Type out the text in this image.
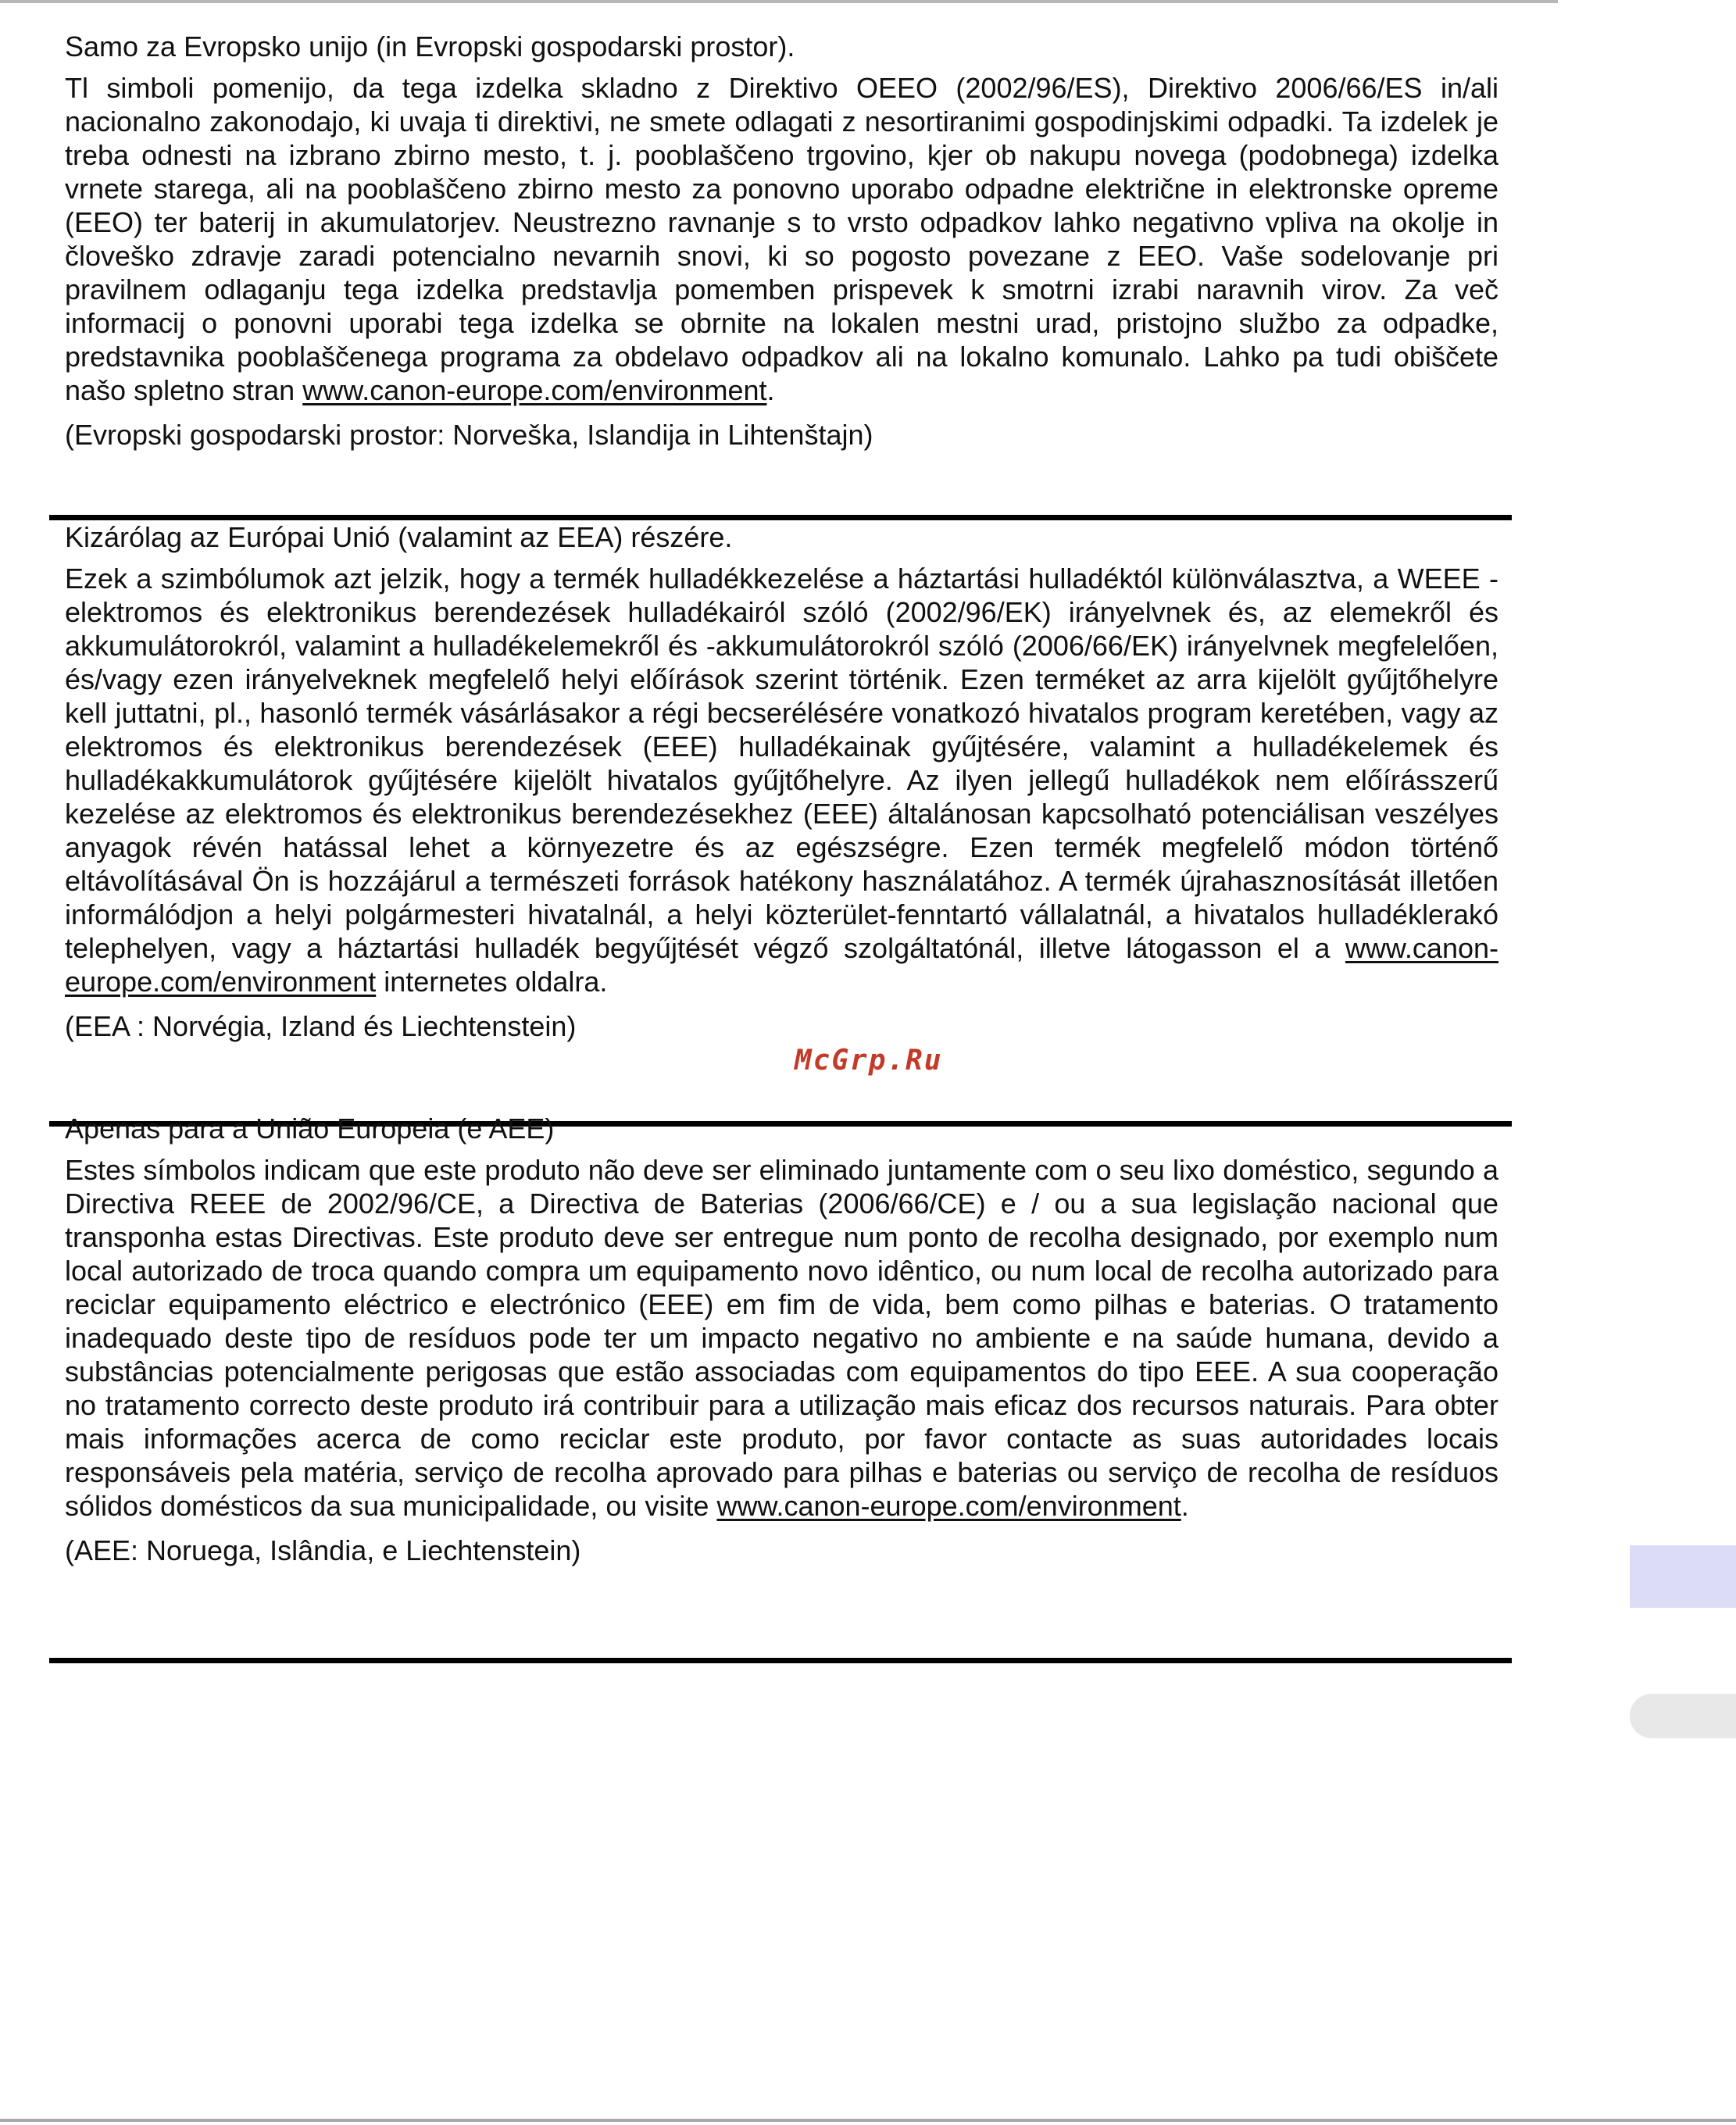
Samo za Evropsko unijo (in Evropski gospodarski prostor).

Tl simboli pomenijo, da tega izdelka skladno z Direktivo OEEO (2002/96/ES), Direktivo 2006/66/ES in/ali nacionalno zakonodajo, ki uvaja ti direktivi, ne smete odlagati z nesortiranimi gospodinjskimi odpadki. Ta izdelek je treba odnesti na izbrano zbirno mesto, t. j. pooblaščeno trgovino, kjer ob nakupu novega (podobnega) izdelka vrnete starega, ali na pooblaščeno zbirno mesto za ponovno uporabo odpadne električne in elektronske opreme (EEO) ter baterij in akumulatorjev. Neustrezno ravnanje s to vrsto odpadkov lahko negativno vpliva na okolje in človeško zdravje zaradi potencialno nevarnih snovi, ki so pogosto povezane z EEO. Vaše sodelovanje pri pravilnem odlaganju tega izdelka predstavlja pomemben prispevek k smotrni izrabi naravnih virov. Za več informacij o ponovni uporabi tega izdelka se obrnite na lokalen mestni urad, pristojno službo za odpadke, predstavnika pooblaščenega programa za obdelavo odpadkov ali na lokalno komunalo. Lahko pa tudi obiščete našo spletno stran www.canon-europe.com/environment.

(Evropski gospodarski prostor: Norveška, Islandija in Lihtenštajn)

Kizárólag az Európai Unió (valamint az EEA) részére.

Ezek a szimbólumok azt jelzik, hogy a termék hulladékkezelése a háztartási hulladéktól különválasztva, a WEEE - elektromos és elektronikus berendezések hulladékairól szóló (2002/96/EK) irányelvnek és, az elemekről és akkumulátorokról, valamint a hulladékelemekről és -akkumulátorokról szóló (2006/66/EK) irányelvnek megfelelően, és/vagy ezen irányelveknek megfelelő helyi előírások szerint történik. Ezen terméket az arra kijelölt gyűjtőhelyre kell juttatni, pl., hasonló termék vásárlásakor a régi becserélésére vonatkozó hivatalos program keretében, vagy az elektromos és elektronikus berendezések (EEE) hulladékainak gyűjtésére, valamint a hulladékelemek és hulladékakkumulátorok gyűjtésére kijelölt hivatalos gyűjtőhelyre. Az ilyen jellegű hulladékok nem előírásszerű kezelése az elektromos és elektronikus berendezésekhez (EEE) általánosan kapcsolható potenciálisan veszélyes anyagok révén hatással lehet a környezetre és az egészségre. Ezen termék megfelelő módon történő eltávolításával Ön is hozzájárul a természeti források hatékony használatához. A termék újrahasznosítását illetően informálódjon a helyi polgármesteri hivatalnál, a helyi közterület-fenntartó vállalatnál, a hivatalos hulladéklerakó telephelyen, vagy a háztartási hulladék begyűjtését végző szolgáltatónál, illetve látogasson el a www.canon-europe.com/environment internetes oldalra.

(EEA : Norvégia, Izland és Liechtenstein)

Apenas para a União Europeia (e AEE)

Estes símbolos indicam que este produto não deve ser eliminado juntamente com o seu lixo doméstico, segundo a Directiva REEE de 2002/96/CE, a Directiva de Baterias (2006/66/CE) e / ou a sua legislação nacional que transponha estas Directivas. Este produto deve ser entregue num ponto de recolha designado, por exemplo num local autorizado de troca quando compra um equipamento novo idêntico, ou num local de recolha autorizado para reciclar equipamento eléctrico e electrónico (EEE) em fim de vida, bem como pilhas e baterias. O tratamento inadequado deste tipo de resíduos pode ter um impacto negativo no ambiente e na saúde humana, devido a substâncias potencialmente perigosas que estão associadas com equipamentos do tipo EEE. A sua cooperação no tratamento correcto deste produto irá contribuir para a utilização mais eficaz dos recursos naturais. Para obter mais informações acerca de como reciclar este produto, por favor contacte as suas autoridades locais responsáveis pela matéria, serviço de recolha aprovado para pilhas e baterias ou serviço de recolha de resíduos sólidos domésticos da sua municipalidade, ou visite www.canon-europe.com/environment.

(AEE: Noruega, Islândia, e Liechtenstein)

McGrp.Ru
